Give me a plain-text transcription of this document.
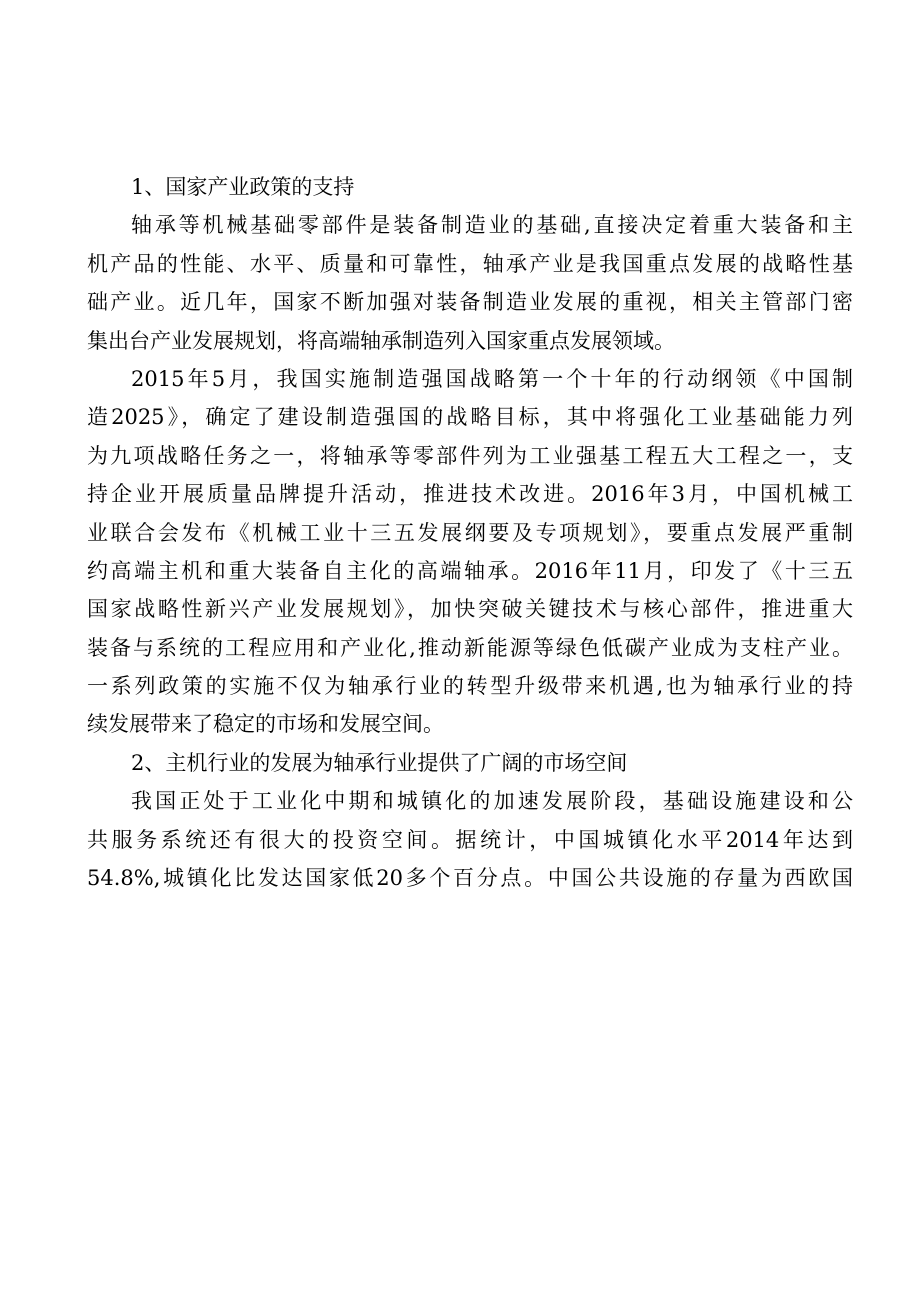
1、国家产业政策的支持
轴承等机械基础零部件是装备制造业的基础,直接决定着重大装备和主
机产品的性能、水平、质量和可靠性，轴承产业是我国重点发展的战略性基
础产业。近几年，国家不断加强对装备制造业发展的重视，相关主管部门密
集出台产业发展规划，将高端轴承制造列入国家重点发展领域。
2015年5月，我国实施制造强国战略第一个十年的行动纲领《中国制
造2025》，确定了建设制造强国的战略目标，其中将强化工业基础能力列
为九项战略任务之一，将轴承等零部件列为工业强基工程五大工程之一，支
持企业开展质量品牌提升活动，推进技术改进。2016年3月，中国机械工
业联合会发布《机械工业十三五发展纲要及专项规划》，要重点发展严重制
约高端主机和重大装备自主化的高端轴承。2016年11月，印发了《十三五
国家战略性新兴产业发展规划》，加快突破关键技术与核心部件，推进重大
装备与系统的工程应用和产业化,推动新能源等绿色低碳产业成为支柱产业。
一系列政策的实施不仅为轴承行业的转型升级带来机遇,也为轴承行业的持
续发展带来了稳定的市场和发展空间。
2、主机行业的发展为轴承行业提供了广阔的市场空间
我国正处于工业化中期和城镇化的加速发展阶段，基础设施建设和公
共服务系统还有很大的投资空间。据统计，中国城镇化水平2014年达到
54.8%,城镇化比发达国家低20多个百分点。中国公共设施的存量为西欧国
